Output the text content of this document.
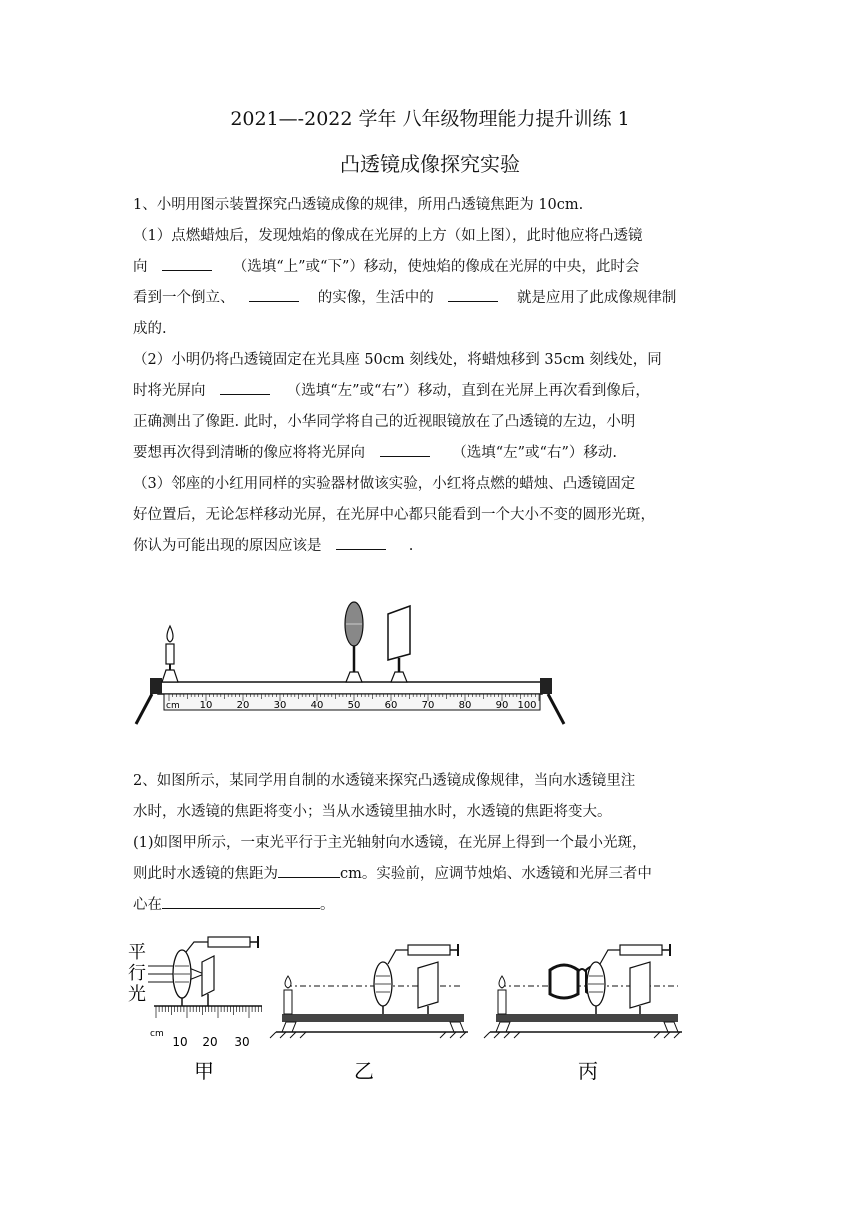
2021—-2022 学年 八年级物理能力提升训练 1
凸透镜成像探究实验
1、小明用图示装置探究凸透镜成像的规律，所用凸透镜焦距为 10cm.
（1）点燃蜡烛后，发现烛焰的像成在光屏的上方（如上图），此时他应将凸透镜
向	（选填“上”或“下”）移动，使烛焰的像成在光屏的中央，此时会
看到一个倒立、	的实像，生活中的	就是应用了此成像规律制
成的.
（2）小明仍将凸透镜固定在光具座 50cm 刻线处，将蜡烛移到 35cm 刻线处，同
时将光屏向	（选填“左”或“右”）移动，直到在光屏上再次看到像后，
正确测出了像距. 此时，小华同学将自己的近视眼镜放在了凸透镜的左边，小明
要想再次得到清晰的像应将将光屏向	（选填“左”或“右”）移动.
（3）邻座的小红用同样的实验器材做该实验，小红将点燃的蜡烛、凸透镜固定
好位置后，无论怎样移动光屏，在光屏中心都只能看到一个大小不变的圆形光斑，
你认为可能出现的原因应该是	.
cm 10 20 30 40 50 60 70 80 90 100
2、如图所示，某同学用自制的水透镜来探究凸透镜成像规律，当向水透镜里注
水时，水透镜的焦距将变小；当从水透镜里抽水时，水透镜的焦距将变大。
(1)如图甲所示，一束光平行于主光轴射向水透镜，在光屏上得到一个最小光斑，
则此时水透镜的焦距为	cm。实验前，应调节烛焰、水透镜和光屏三者中
心在	。
平
行
光
cm
10 20 30
甲	乙	丙
